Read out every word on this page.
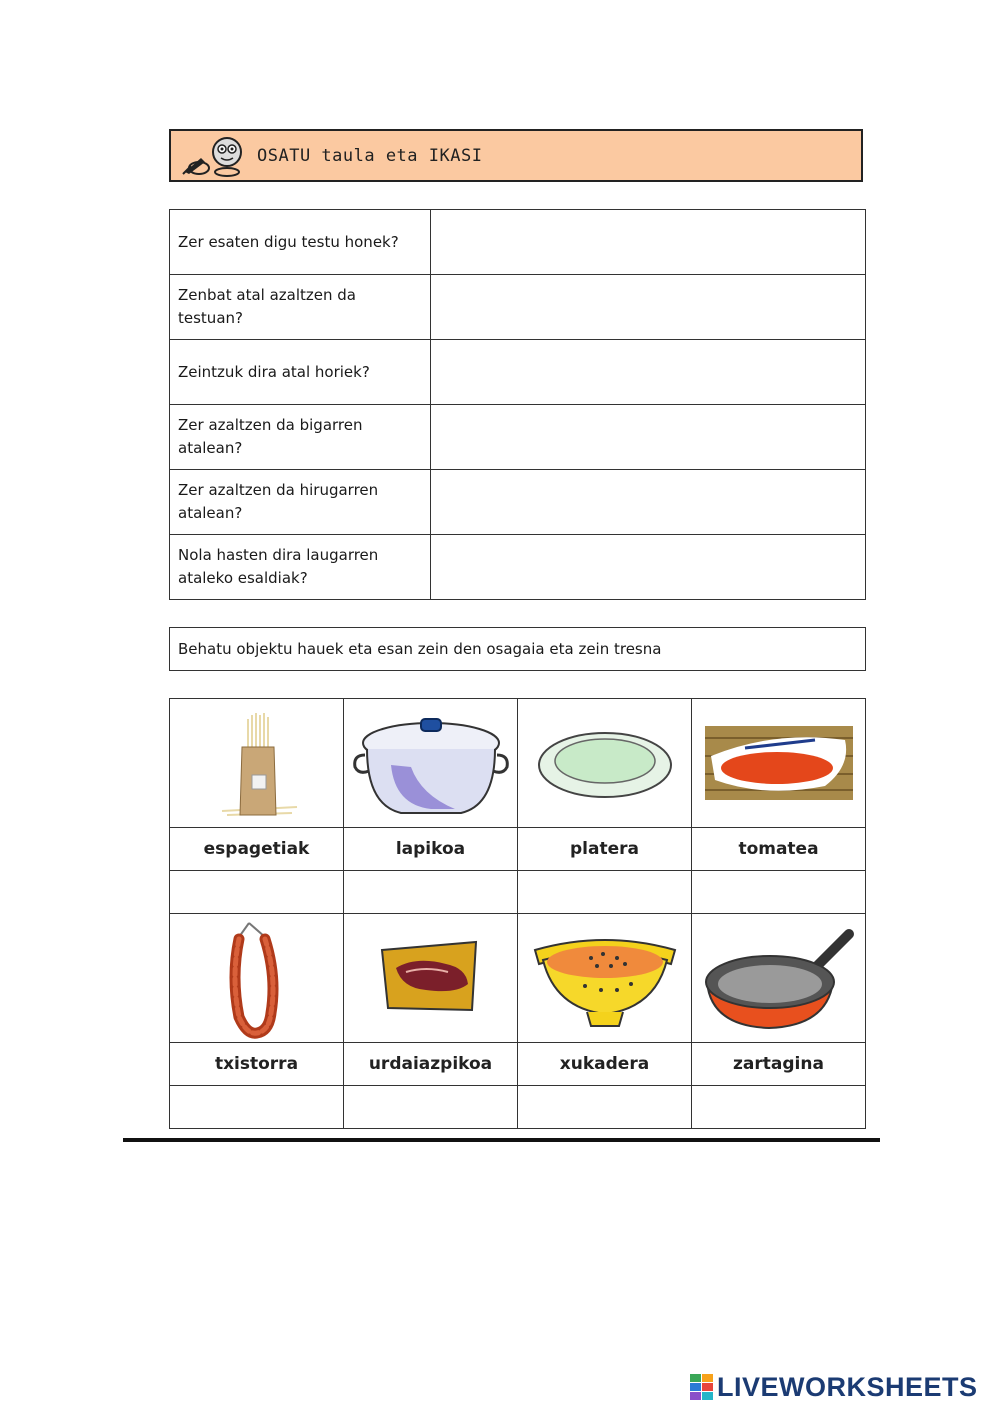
OSATU taula eta IKASI
Zer esaten digu testu honek?	
Zenbat atal azaltzen da testuan?	
Zeintzuk dira atal horiek?	
Zer azaltzen da bigarren atalean?	
Zer azaltzen da hirugarren atalean?	
Nola hasten dira laugarren ataleko esaldiak?	
Behatu objektu hauek eta esan zein den osagaia eta zein tresna

espagetiak	lapikoa	platera	tomatea

txistorra	urdaiazpikoa	xukadera	zartagina

LIVEWORKSHEETS
